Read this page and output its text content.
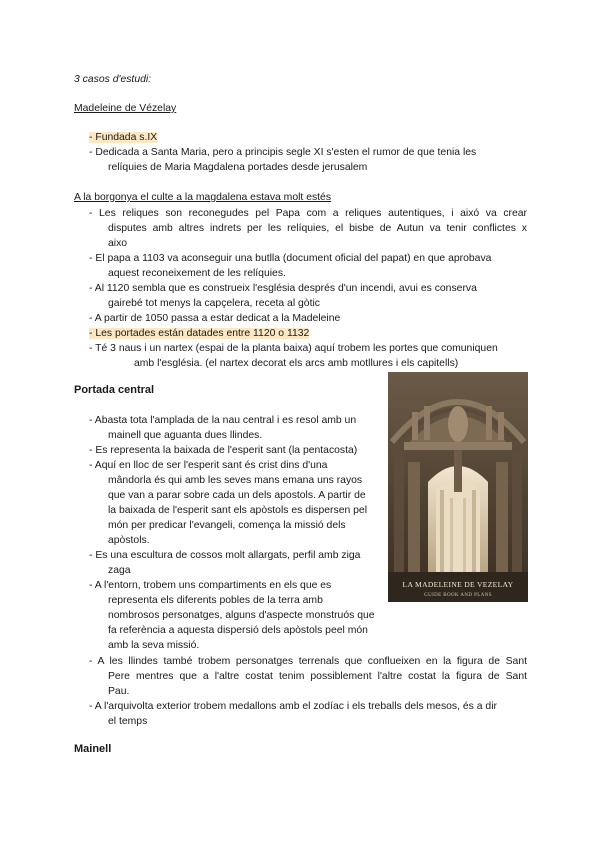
3 casos d'estudi:
Madeleine de Vézelay
- Fundada s.IX
- Dedicada a Santa Maria, pero a principis segle XI s'esten el rumor de que tenia les
relíquies de Maria Magdalena portades desde jerusalem
A la borgonya el culte a la magdalena estava molt estés
- Les reliques son reconegudes pel Papa com a reliques autentiques, i aixó va crear
disputes amb altres indrets per les relíquies, el bisbe de Autun va tenir conflictes x
aixo
- El papa a 1103 va aconseguir una butlla (document oficial del papat) en que aprobava
aquest reconeixement de les relíquies.
- Al 1120 sembla que es construeix l'església després d'un incendi, avui es conserva
gairebé tot menys la capçelera, receta al gòtic
- A partir de 1050 passa a estar dedicat a la Madeleine
- Les portades están datades entre 1120 o 1132
- Té 3 naus i un nartex (espai de la planta baixa) aquí trobem les portes que comuniquen
amb l'església. (el nartex decorat els arcs amb motllures i els capitells)
Portada central
- Abasta tota l'amplada de la nau central i es resol amb un
mainell que aguanta dues llindes.
- Es representa la baixada de l'esperit sant (la pentacosta)
- Aquí en lloc de ser l'esperit sant és crist dins d'una
mândorla és qui amb les seves mans emana uns rayos
que van a parar sobre cada un dels apostols. A partir de
la baixada de l'esperit sant els apòstols es dispersen pel
món per predicar l'evangeli, comença la missió dels
apòstols.
- Es una escultura de cossos molt allargats, perfil amb ziga
zaga
- A l'entorn, trobem uns compartiments en els que es
representa els diferents pobles de la terra amb
nombrosos personatges, alguns d'aspecte monstruós que
fa referència a aquesta dispersió dels apòstols peel món
amb la seva missió.
- A les llindes també trobem personatges terrenals que conflueixen en la figura de Sant
Pere mentres que a l'altre costat tenim possiblement l'altre costat la figura de Sant
Pau.
- A l'arquivolta exterior trobem medallons amb el zodíac i els treballs dels mesos, és a dir
el temps
Mainell
LA MADELEINE DE VEZELAY
GUIDE BOOK AND PLANS
